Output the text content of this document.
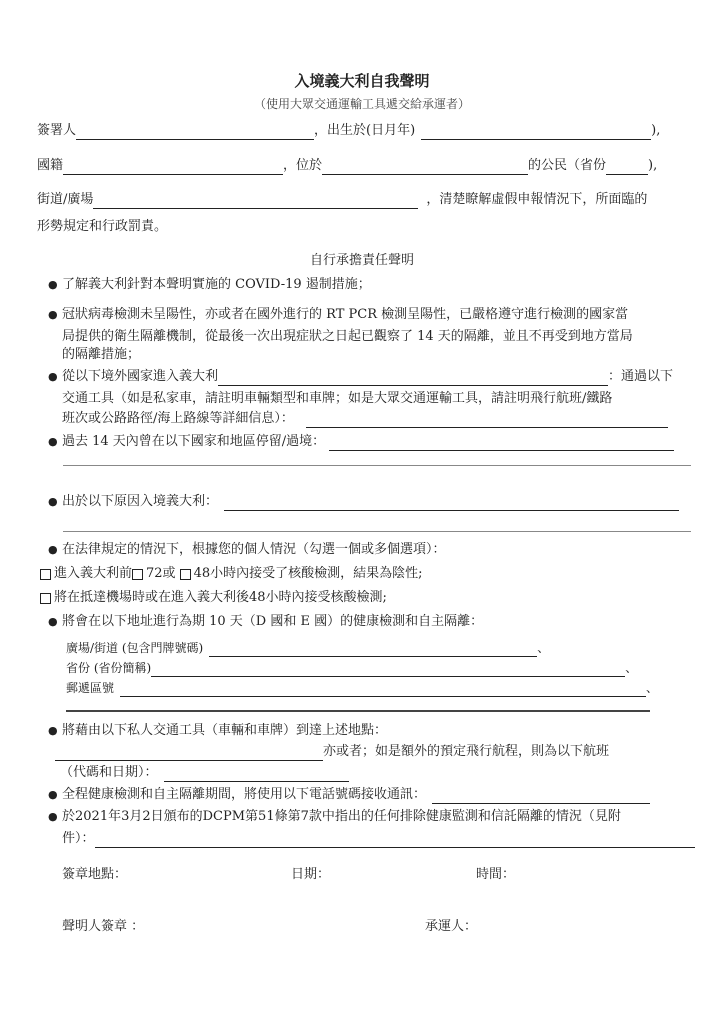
入境義大利自我聲明
（使用大眾交通運輸工具遞交給承運者）
簽署人	，出生於(日月年)	),
國籍	，位於	的公民（省份	),
街道/廣場	，清楚瞭解虛假申報情況下，所面臨的
形勢規定和行政罰責。
自行承擔責任聲明
● 了解義大利針對本聲明實施的 COVID-19 遏制措施；
● 冠狀病毒檢測未呈陽性，亦或者在國外進行的 RT PCR 檢測呈陽性，已嚴格遵守進行檢測的國家當
局提供的衛生隔離機制，從最後一次出現症狀之日起已觀察了 14 天的隔離，並且不再受到地方當局
的隔離措施；
● 從以下境外國家進入義大利	：通過以下
交通工具（如是私家車，請註明車輛類型和車牌；如是大眾交通運輸工具，請註明飛行航班/鐵路
班次或公路路徑/海上路線等詳細信息）：
● 過去 14 天內曾在以下國家和地區停留/過境：
● 出於以下原因入境義大利：
● 在法律規定的情況下，根據您的個人情況（勾選一個或多個選項）：
進入義大利前 72或 48小時內接受了核酸檢測，結果為陰性;
將在抵達機場時或在進入義大利後48小時內接受核酸檢測;
● 將會在以下地址進行為期 10 天（D 國和 E 國）的健康檢測和自主隔離：
廣場/街道 (包含門牌號碼)	、
省份 (省份簡稱)	、
郵遞區號	、
● 將藉由以下私人交通工具（車輛和車牌）到達上述地點：
亦或者；如是額外的預定飛行航程，則為以下航班
（代碼和日期）：
● 全程健康檢測和自主隔離期間，將使用以下電話號碼接收通訊：
● 於2021年3月2日頒布的DCPM第51條第7款中指出的任何排除健康監測和信託隔離的情況（見附
件）：
簽章地點：	日期：	時間：
聲明人簽章 ：	承運人：
